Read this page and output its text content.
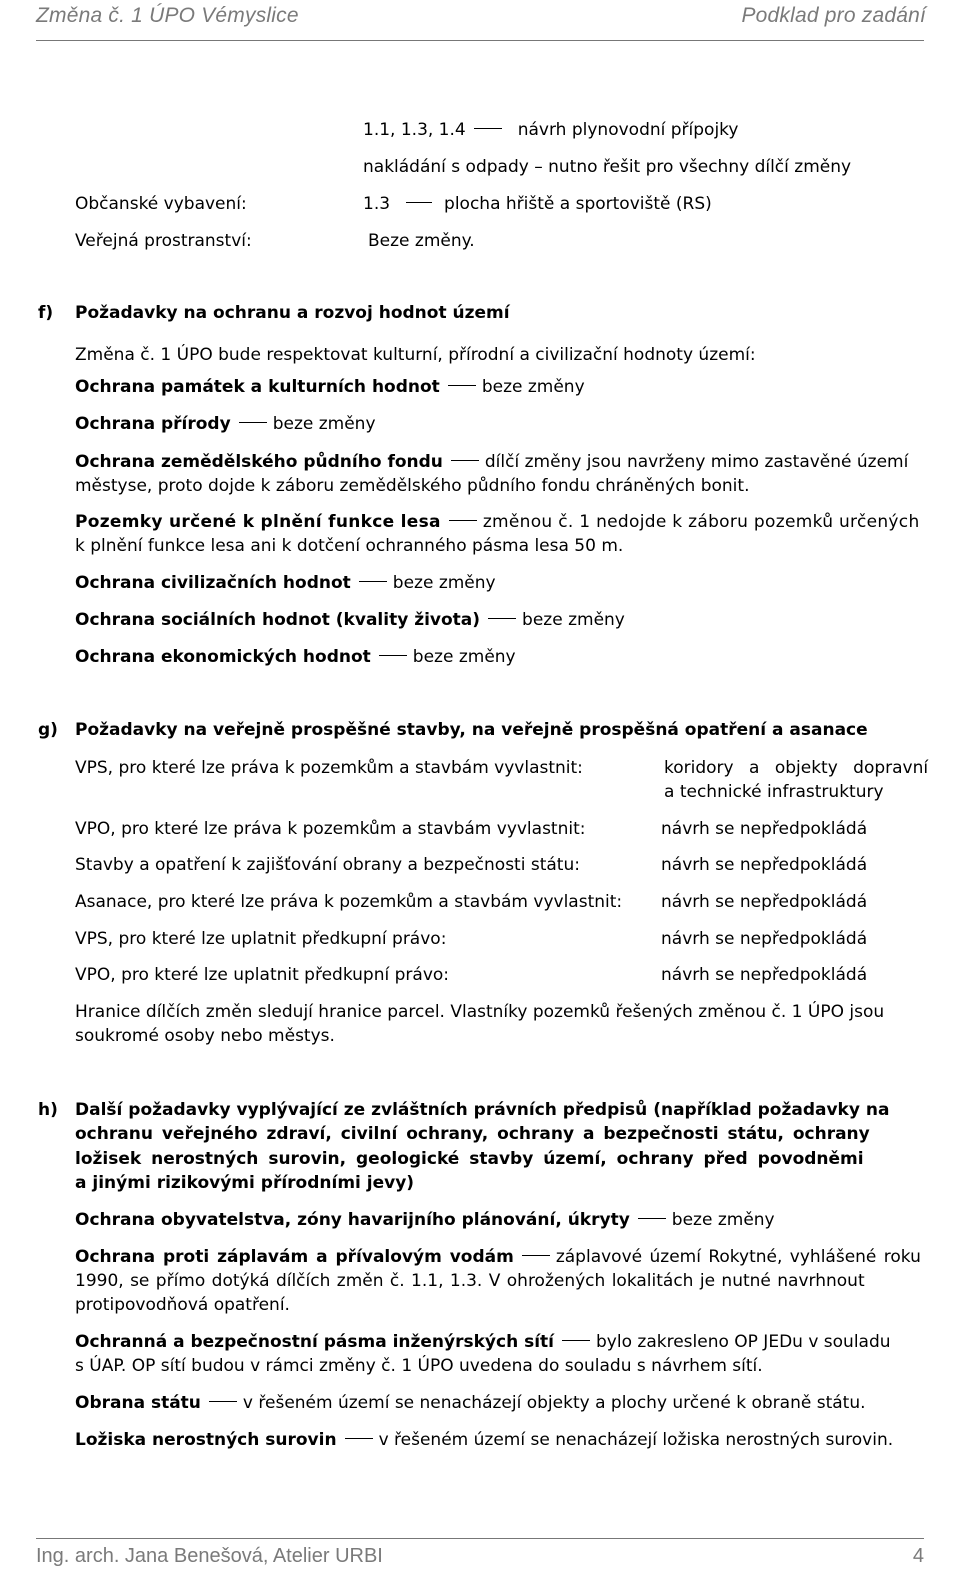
Změna č. 1 ÚPO Vémyslice	Podklad pro zadání
1.1, 1.3, 1.4	návrh plynovodní přípojky
nakládání s odpady – nutno řešit pro všechny dílčí změny
Občanské vybavení:	1.3	plocha hřiště a sportoviště (RS)
Veřejná prostranství:	Beze změny.
f) Požadavky na ochranu a rozvoj hodnot území
Změna č. 1 ÚPO bude respektovat kulturní, přírodní a civilizační hodnoty území:
Ochrana památek a kulturních hodnot beze změny
Ochrana přírody beze změny
Ochrana zemědělského půdního fondu dílčí změny jsou navrženy mimo zastavěné území
městyse, proto dojde k záboru zemědělského půdního fondu chráněných bonit.
Pozemky určené k plnění funkce lesa změnou č. 1 nedojde k záboru pozemků určených
k plnění funkce lesa ani k dotčení ochranného pásma lesa 50 m.
Ochrana civilizačních hodnot beze změny
Ochrana sociálních hodnot (kvality života) beze změny
Ochrana ekonomických hodnot beze změny
g) Požadavky na veřejně prospěšné stavby, na veřejně prospěšná opatření a asanace
VPS, pro které lze práva k pozemkům a stavbám vyvlastnit:	koridory a objekty dopravní
a technické infrastruktury
VPO, pro které lze práva k pozemkům a stavbám vyvlastnit:	návrh se nepředpokládá
Stavby a opatření k zajišťování obrany a bezpečnosti státu:	návrh se nepředpokládá
Asanace, pro které lze práva k pozemkům a stavbám vyvlastnit: návrh se nepředpokládá
VPS, pro které lze uplatnit předkupní právo:	návrh se nepředpokládá
VPO, pro které lze uplatnit předkupní právo:	návrh se nepředpokládá
Hranice dílčích změn sledují hranice parcel. Vlastníky pozemků řešených změnou č. 1 ÚPO jsou
soukromé osoby nebo městys.
h) Další požadavky vyplývající ze zvláštních právních předpisů (například požadavky na
ochranu veřejného zdraví, civilní ochrany, ochrany a bezpečnosti státu, ochrany
ložisek nerostných surovin, geologické stavby území, ochrany před povodněmi
a jinými rizikovými přírodními jevy)
Ochrana obyvatelstva, zóny havarijního plánování, úkryty beze změny
Ochrana proti záplavám a přívalovým vodám záplavové území Rokytné, vyhlášené roku
1990, se přímo dotýká dílčích změn č. 1.1, 1.3. V ohrožených lokalitách je nutné navrhnout
protipovodňová opatření.
Ochranná a bezpečnostní pásma inženýrských sítí bylo zakresleno OP JEDu v souladu
s ÚAP. OP sítí budou v rámci změny č. 1 ÚPO uvedena do souladu s návrhem sítí.
Obrana státu v řešeném území se nenacházejí objekty a plochy určené k obraně státu.
Ložiska nerostných surovin v řešeném území se nenacházejí ložiska nerostných surovin.
Ing. arch. Jana Benešová, Atelier URBI	4
